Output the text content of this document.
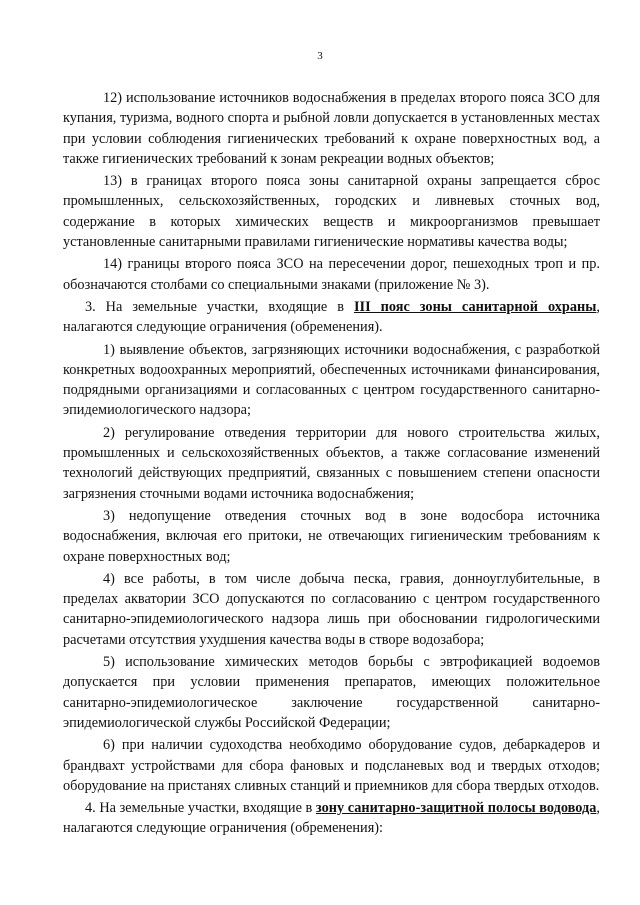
3

12) использование источников водоснабжения в пределах второго пояса ЗСО для купания, туризма, водного спорта и рыбной ловли допускается в установленных местах при условии соблюдения гигиенических требований к охране поверхностных вод, а также гигиенических требований к зонам рекреации водных объектов;

13) в границах второго пояса зоны санитарной охраны запрещается сброс промышленных, сельскохозяйственных, городских и ливневых сточных вод, содержание в которых химических веществ и микроорганизмов превышает установленные санитарными правилами гигиенические нормативы качества воды;

14) границы второго пояса ЗСО на пересечении дорог, пешеходных троп и пр. обозначаются столбами со специальными знаками (приложение № 3).

3. На земельные участки, входящие в III пояс зоны санитарной охраны, налагаются следующие ограничения (обременения).

1) выявление объектов, загрязняющих источники водоснабжения, с разработкой конкретных водоохранных мероприятий, обеспеченных источниками финансирования, подрядными организациями и согласованных с центром государственного санитарно-эпидемиологического надзора;

2) регулирование отведения территории для нового строительства жилых, промышленных и сельскохозяйственных объектов, а также согласование изменений технологий действующих предприятий, связанных с повышением степени опасности загрязнения сточными водами источника водоснабжения;

3) недопущение отведения сточных вод в зоне водосбора источника водоснабжения, включая его притоки, не отвечающих гигиеническим требованиям к охране поверхностных вод;

4) все работы, в том числе добыча песка, гравия, донноуглубительные, в пределах акватории ЗСО допускаются по согласованию с центром государственного санитарно-эпидемиологического надзора лишь при обосновании гидрологическими расчетами отсутствия ухудшения качества воды в створе водозабора;

5) использование химических методов борьбы с эвтрофикацией водоемов допускается при условии применения препаратов, имеющих положительное санитарно-эпидемиологическое заключение государственной санитарно-эпидемиологической службы Российской Федерации;

6) при наличии судоходства необходимо оборудование судов, дебаркадеров и брандвахт устройствами для сбора фановых и подсланевых вод и твердых отходов; оборудование на пристанях сливных станций и приемников для сбора твердых отходов.

4. На земельные участки, входящие в зону санитарно-защитной полосы водовода, налагаются следующие ограничения (обременения):
